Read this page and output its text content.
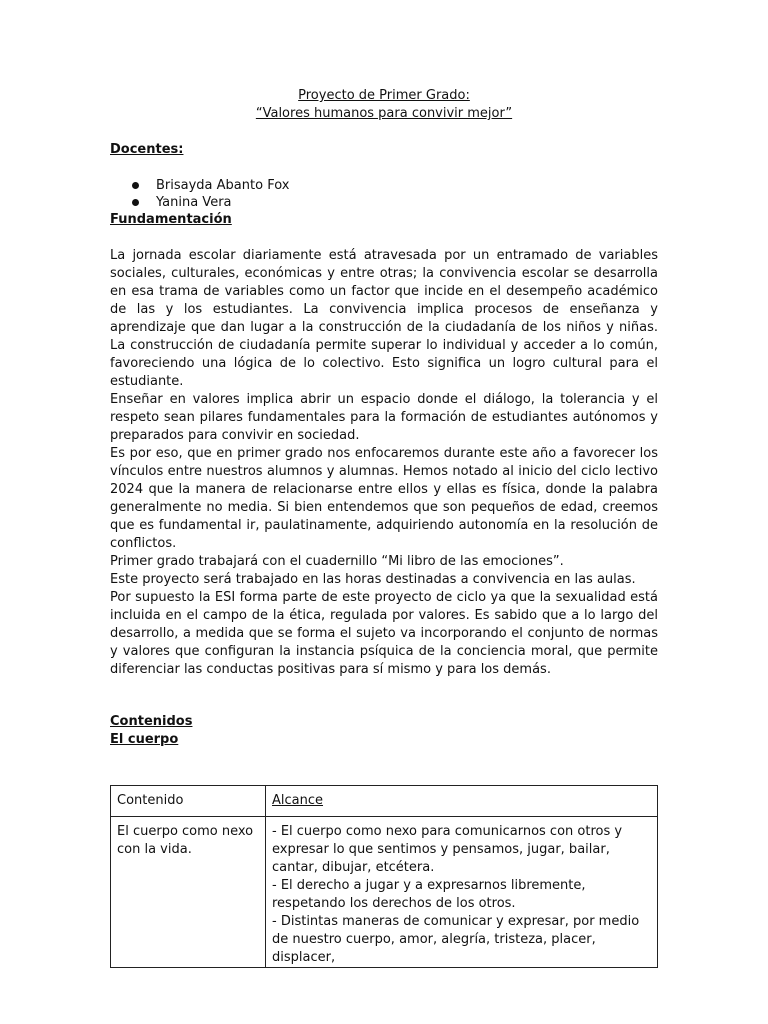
Proyecto de Primer Grado:

“Valores humanos para convivir mejor”

Docentes:

Brisayda Abanto Fox
Yanina Vera

Fundamentación

La jornada escolar diariamente está atravesada por un entramado de variables sociales, culturales, económicas y entre otras; la convivencia escolar se desarrolla en esa trama de variables como un factor que incide en el desempeño académico de las y los estudiantes. La convivencia implica procesos de enseñanza y aprendizaje que dan lugar a la construcción de la ciudadanía de los niños y niñas. La construcción de ciudadanía permite superar lo individual y acceder a lo común, favoreciendo una lógica de lo colectivo. Esto significa un logro cultural para el estudiante.

Enseñar en valores implica abrir un espacio donde el diálogo, la tolerancia y el respeto sean pilares fundamentales para la formación de estudiantes autónomos y preparados para convivir en sociedad.

Es por eso, que en primer grado nos enfocaremos durante este año a favorecer los vínculos entre nuestros alumnos y alumnas. Hemos notado al inicio del ciclo lectivo 2024 que la manera de relacionarse entre ellos y ellas es física, donde la palabra generalmente no media. Si bien entendemos que son pequeños de edad, creemos que es fundamental ir, paulatinamente, adquiriendo autonomía en la resolución de conflictos.

Primer grado trabajará con el cuadernillo “Mi libro de las emociones”.

Este proyecto será trabajado en las horas destinadas a convivencia en las aulas.

Por supuesto la ESI forma parte de este proyecto de ciclo ya que la sexualidad está incluida en el campo de la ética, regulada por valores. Es sabido que a lo largo del desarrollo, a medida que se forma el sujeto va incorporando el conjunto de normas y valores que configuran la instancia psíquica de la conciencia moral, que permite diferenciar las conductas positivas para sí mismo y para los demás.

Contenidos

El cuerpo

Contenido	Alcance
El cuerpo como nexo con la vida.	- El cuerpo como nexo para comunicarnos con otros y expresar lo que sentimos y pensamos, jugar, bailar, cantar, dibujar, etcétera.

- El derecho a jugar y a expresarnos libremente, respetando los derechos de los otros.

- Distintas maneras de comunicar y expresar, por medio de nuestro cuerpo, amor, alegría, tristeza, placer, displacer,
